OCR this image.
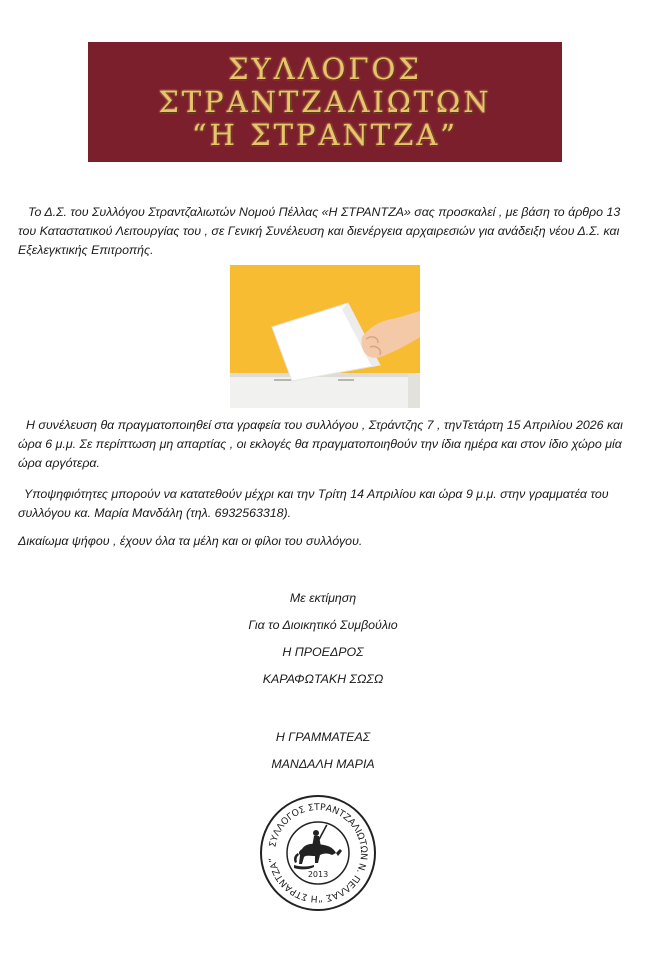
ΣΥΛΛΟΓΟΣ
ΣΤΡΑΝΤΖΑΛΙΩΤΩΝ
“Η ΣΤΡΑΝΤΖΑ”

Το Δ.Σ. του Συλλόγου Στραντζαλιωτών Νομού Πέλλας «Η ΣΤΡΑΝΤΖΑ» σας προσκαλεί , με βάση το άρθρο 13 του Καταστατικού Λειτουργίας του , σε Γενική Συνέλευση και διενέργεια αρχαιρεσιών για ανάδειξη νέου Δ.Σ. και Εξελεγκτικής Επιτροπής.

Η συνέλευση θα πραγματοποιηθεί στα γραφεία του συλλόγου , Στράντζης 7 , τηνΤετάρτη 15 Απριλίου 2026 και ώρα 6 μ.μ. Σε περίπτωση μη απαρτίας , οι εκλογές θα πραγματοποιηθούν την ίδια ημέρα και στον ίδιο χώρο μία ώρα αργότερα.

Υποψηφιότητες μπορούν να κατατεθούν μέχρι και την Τρίτη 14 Απριλίου και ώρα 9 μ.μ. στην γραμματέα του συλλόγου κα. Μαρία Μανδάλη (τηλ. 6932563318).

Δικαίωμα ψήφου , έχουν όλα τα μέλη και οι φίλοι του συλλόγου.

Με εκτίμηση
Για το Διοικητικό Συμβούλιο
Η ΠΡΟΕΔΡΟΣ
ΚΑΡΑΦΩΤΑΚΗ ΣΩΣΩ
Η ΓΡΑΜΜΑΤΕΑΣ
ΜΑΝΔΑΛΗ ΜΑΡΙΑ
ΣΥΛΛΟΓΟΣ ΣΤΡΑΝΤΖΑΛΙΩΤΩΝ Ν. ΠΕΛΛΑΣ “Η ΣΤΡΑΝΤΖΑ”
2013
